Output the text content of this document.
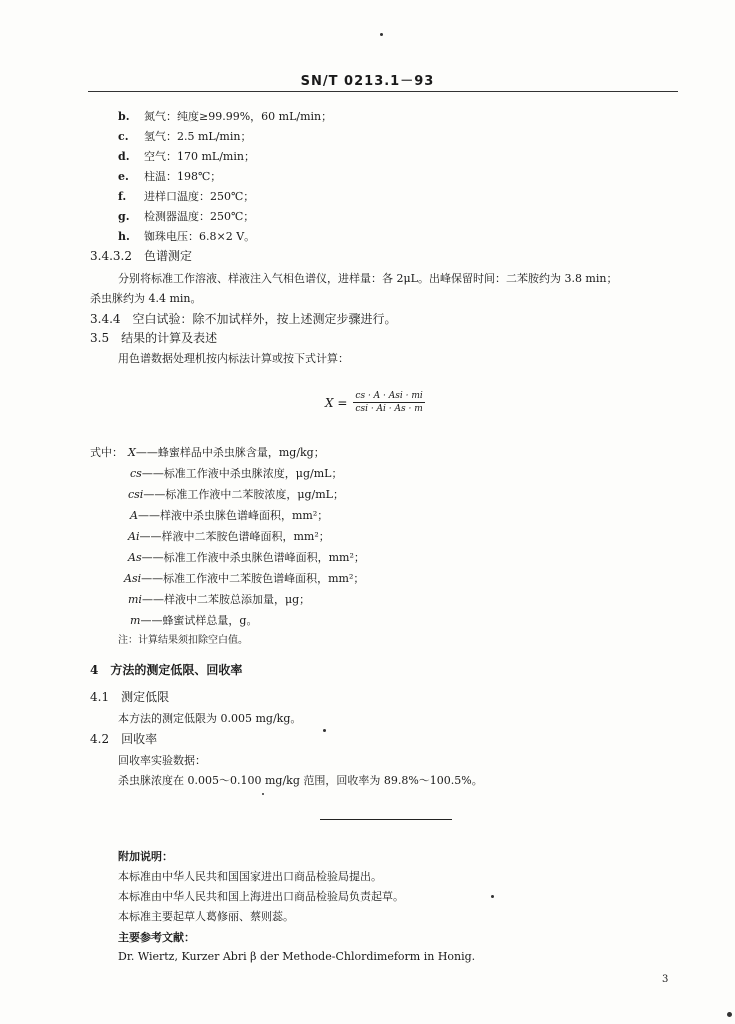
SN/T 0213.1－93
b. 氮气：纯度≥99.99%，60 mL/min；
c. 氢气：2.5 mL/min；
d. 空气：170 mL/min；
e. 柱温：198℃；
f. 进样口温度：250℃；
g. 检测器温度：250℃；
h. 铷珠电压：6.8×2 V。
3.4.3.2　色谱测定
分别将标准工作溶液、样液注入气相色谱仪，进样量：各 2μL。出峰保留时间：二苯胺约为 3.8 min；
杀虫脒约为 4.4 min。
3.4.4　空白试验：除不加试样外，按上述测定步骤进行。
3.5　结果的计算及表述
用色谱数据处理机按内标法计算或按下式计算：
$X = \frac{\text{cs · A · Asi · mi}}{\text{csi · Ai · As · m}}$
式中： X——蜂蜜样品中杀虫脒含量，mg/kg；
cs——标准工作液中杀虫脒浓度，μg/mL；
csi——标准工作液中二苯胺浓度，μg/mL；
A——样液中杀虫脒色谱峰面积，mm²；
Ai——样液中二苯胺色谱峰面积，mm²；
As——标准工作液中杀虫脒色谱峰面积，mm²；
Asi——标准工作液中二苯胺色谱峰面积，mm²；
mi——样液中二苯胺总添加量，μg；
m——蜂蜜试样总量，g。
注：计算结果须扣除空白值。
4　方法的测定低限、回收率
4.1　测定低限
本方法的测定低限为 0.005 mg/kg。
4.2　回收率
回收率实验数据：
杀虫脒浓度在 0.005～0.100 mg/kg 范围，回收率为 89.8%～100.5%。
附加说明：
本标准由中华人民共和国国家进出口商品检验局提出。
本标准由中华人民共和国上海进出口商品检验局负责起草。
本标准主要起草人葛修丽、蔡则蕊。
主要参考文献：
Dr. Wiertz, Kurzer Abri β der Methode-Chlordimeform in Honig.
3
